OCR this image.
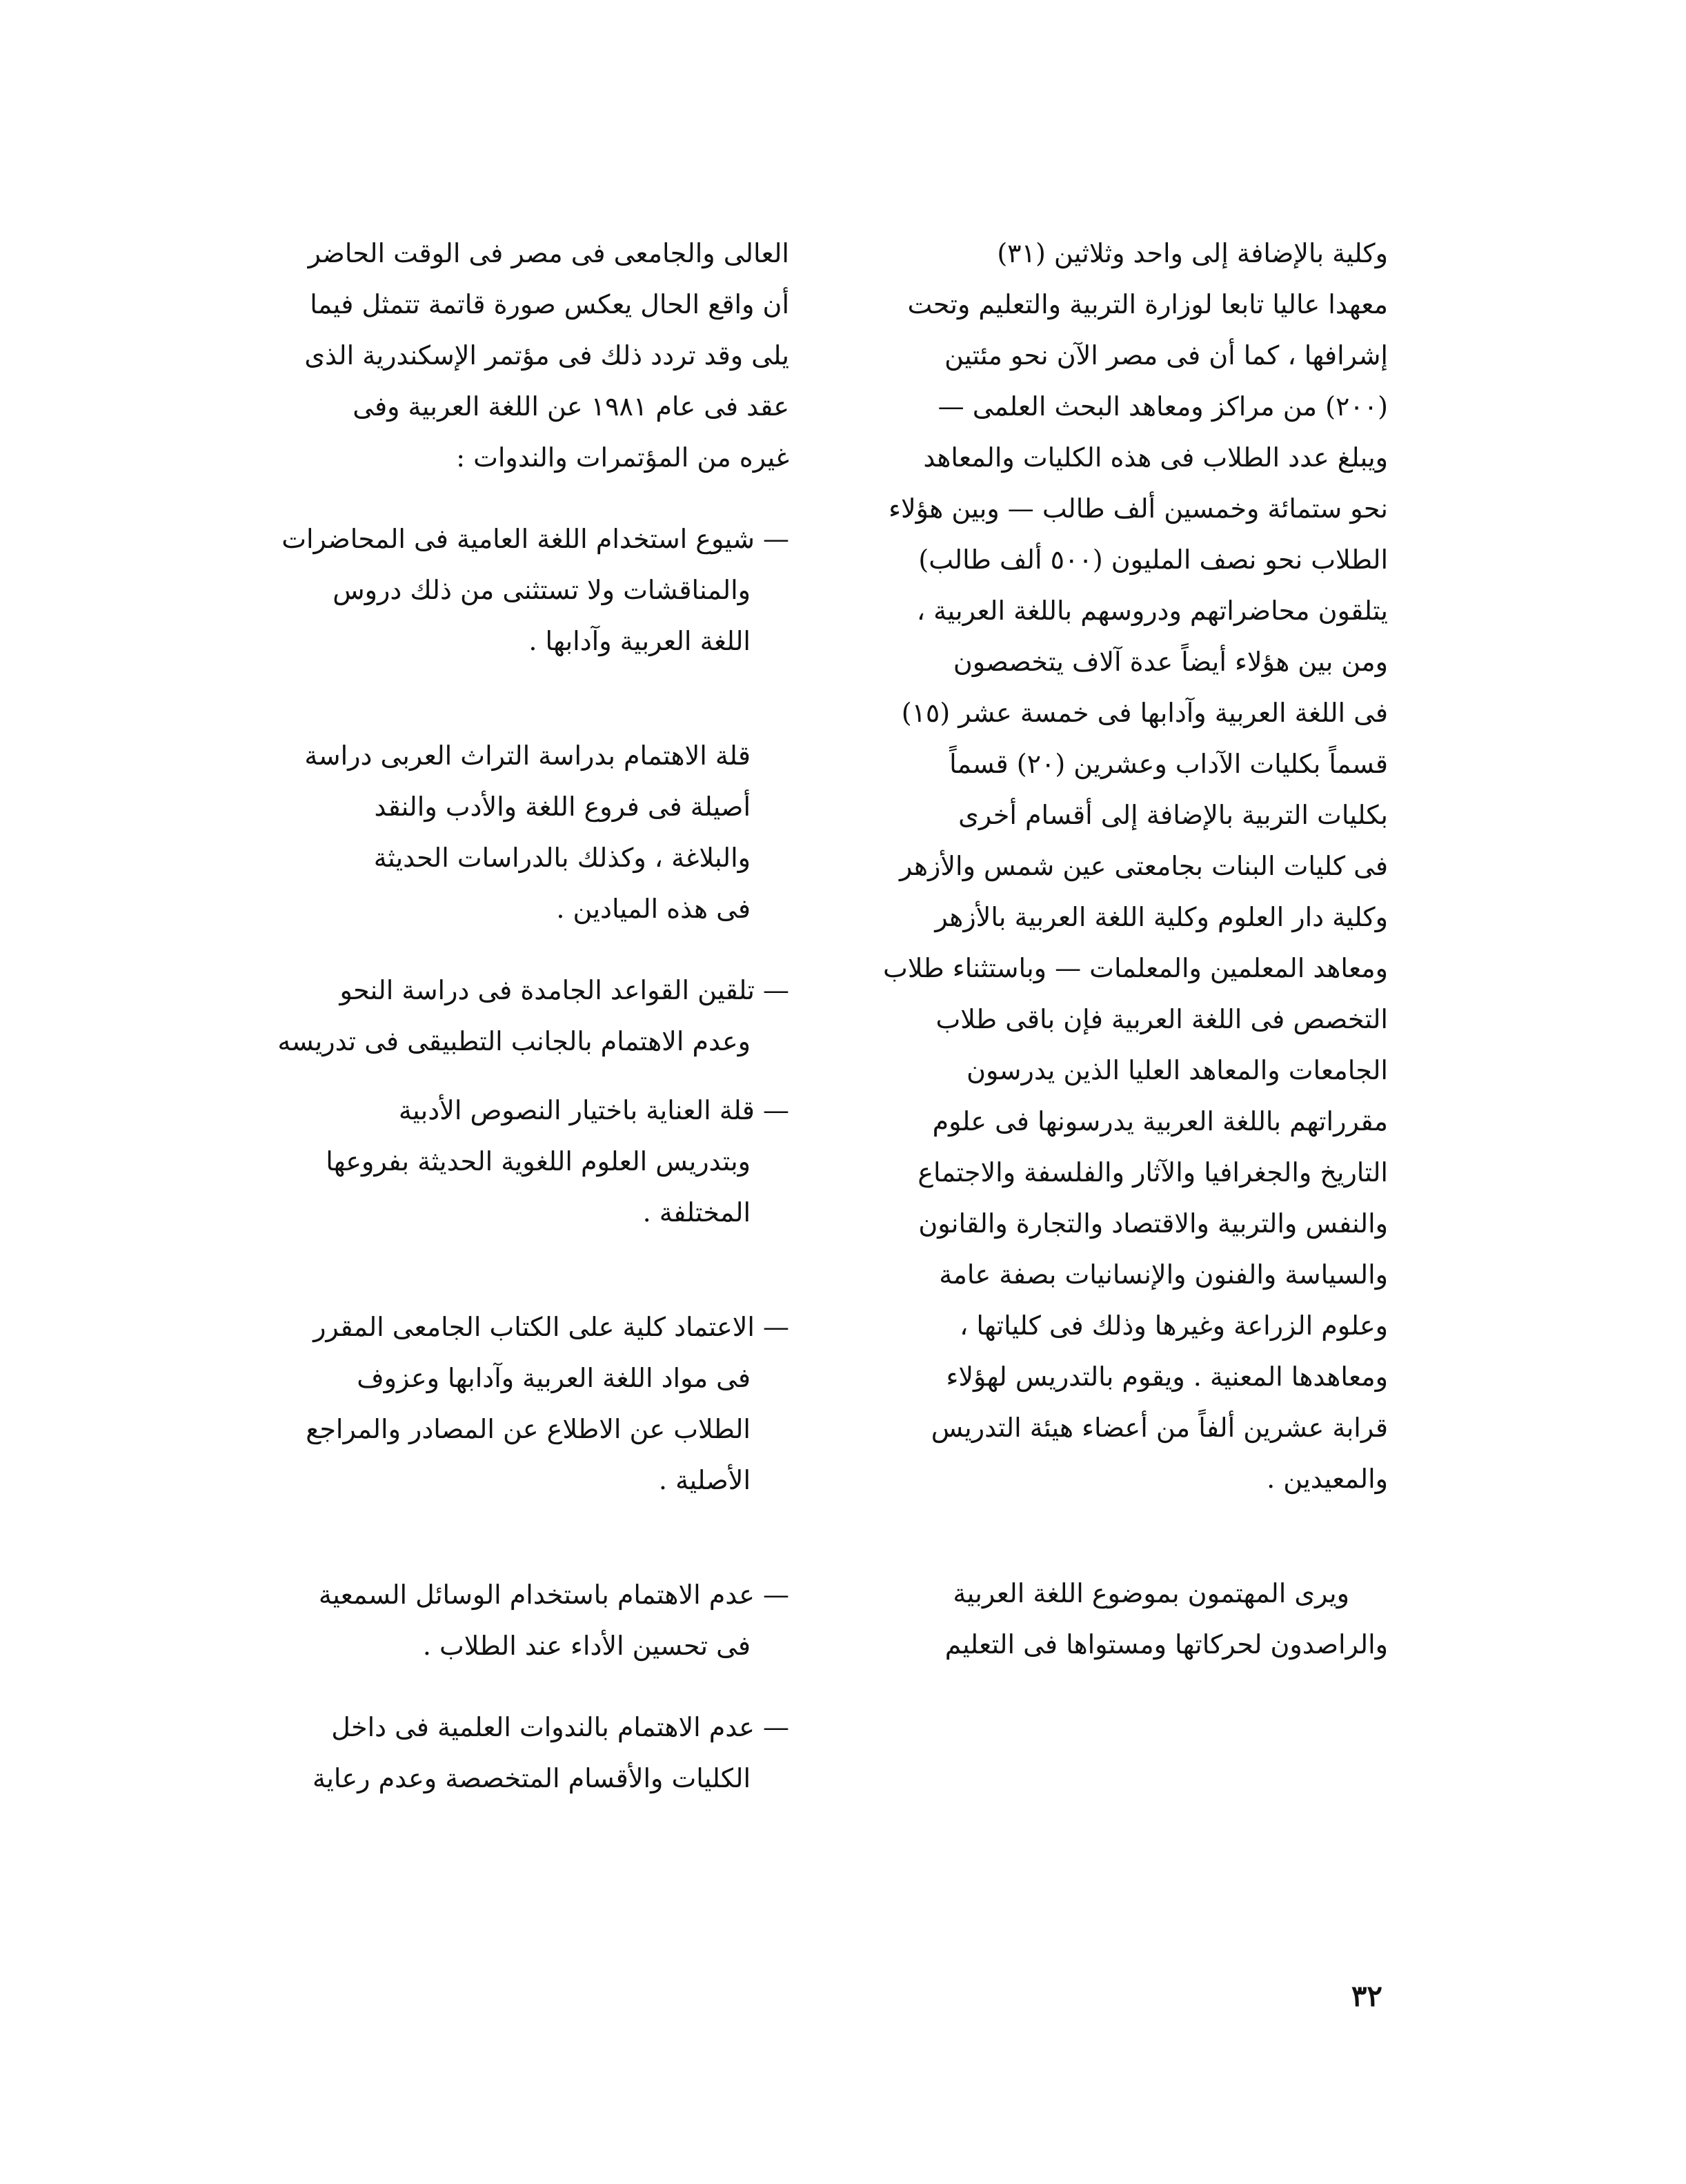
وكلية بالإضافة إلى واحد وثلاثين (٣١)
معهدا عاليا تابعا لوزارة التربية والتعليم وتحت
إشرافها ، كما أن فى مصر الآن نحو مئتين
(٢٠٠) من مراكز ومعاهد البحث العلمى —
ويبلغ عدد الطلاب فى هذه الكليات والمعاهد
نحو ستمائة وخمسين ألف طالب — وبين هؤلاء
الطلاب نحو نصف المليون (٥٠٠ ألف طالب)
يتلقون محاضراتهم ودروسهم باللغة العربية ،
ومن بين هؤلاء أيضاً عدة آلاف يتخصصون
فى اللغة العربية وآدابها فى خمسة عشر (١٥)
قسماً بكليات الآداب وعشرين (٢٠) قسماً
بكليات التربية بالإضافة إلى أقسام أخرى
فى كليات البنات بجامعتى عين شمس والأزهر
وكلية دار العلوم وكلية اللغة العربية بالأزهر
ومعاهد المعلمين والمعلمات — وباستثناء طلاب
التخصص فى اللغة العربية فإن باقى طلاب
الجامعات والمعاهد العليا الذين يدرسون
مقرراتهم باللغة العربية يدرسونها فى علوم
التاريخ والجغرافيا والآثار والفلسفة والاجتماع
والنفس والتربية والاقتصاد والتجارة والقانون
والسياسة والفنون والإنسانيات بصفة عامة
وعلوم الزراعة وغيرها وذلك فى كلياتها ،
ومعاهدها المعنية . ويقوم بالتدريس لهؤلاء
قرابة عشرين ألفاً من أعضاء هيئة التدريس
والمعيدين .
ويرى المهتمون بموضوع اللغة العربية
والراصدون لحركاتها ومستواها فى التعليم
العالى والجامعى فى مصر فى الوقت الحاضر
أن واقع الحال يعكس صورة قاتمة تتمثل فيما
يلى وقد تردد ذلك فى مؤتمر الإسكندرية الذى
عقد فى عام ١٩٨١ عن اللغة العربية وفى
غيره من المؤتمرات والندوات :
— شيوع استخدام اللغة العامية فى المحاضرات
والمناقشات ولا تستثنى من ذلك دروس
اللغة العربية وآدابها .
قلة الاهتمام بدراسة التراث العربى دراسة
أصيلة فى فروع اللغة والأدب والنقد
والبلاغة ، وكذلك بالدراسات الحديثة
فى هذه الميادين .
— تلقين القواعد الجامدة فى دراسة النحو
وعدم الاهتمام بالجانب التطبيقى فى تدريسه
— قلة العناية باختيار النصوص الأدبية
وبتدريس العلوم اللغوية الحديثة بفروعها
المختلفة .
— الاعتماد كلية على الكتاب الجامعى المقرر
فى مواد اللغة العربية وآدابها وعزوف
الطلاب عن الاطلاع عن المصادر والمراجع
الأصلية .
— عدم الاهتمام باستخدام الوسائل السمعية
فى تحسين الأداء عند الطلاب .
— عدم الاهتمام بالندوات العلمية فى داخل
الكليات والأقسام المتخصصة وعدم رعاية
٣٢
